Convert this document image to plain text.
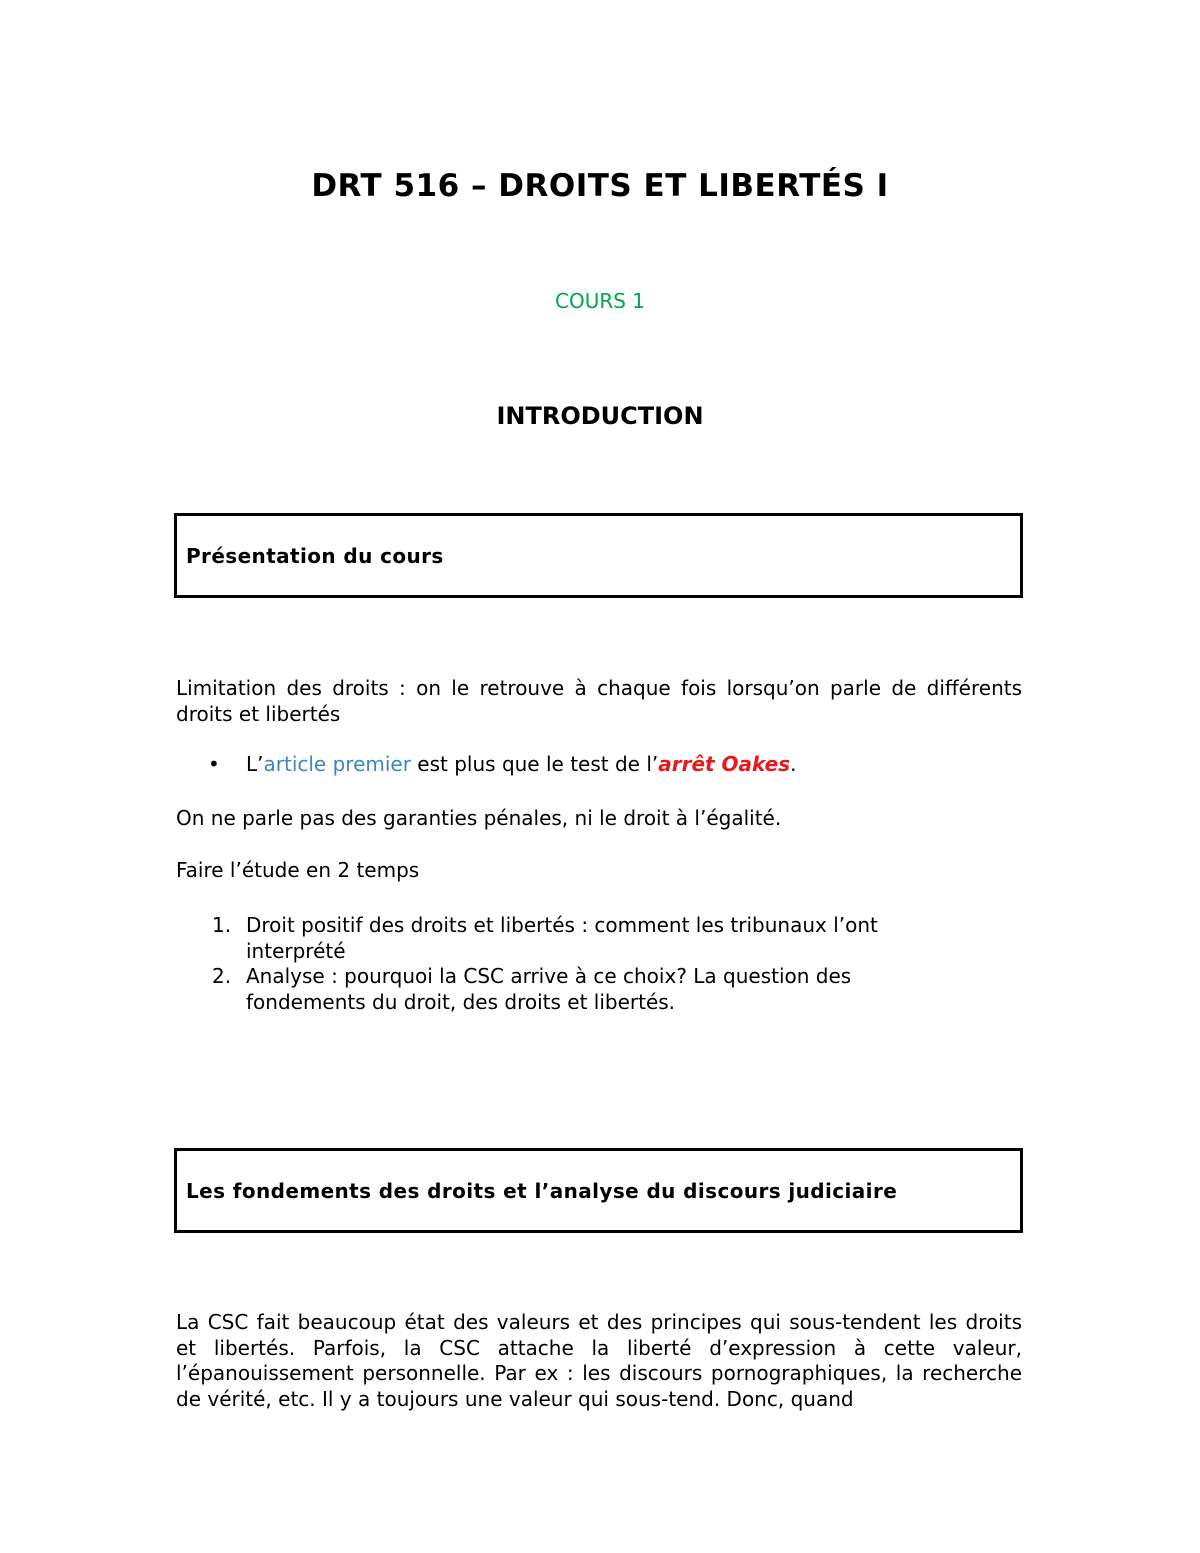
DRT 516 – DROITS ET LIBERTÉS I
COURS 1
INTRODUCTION
Présentation du cours
Limitation des droits : on le retrouve à chaque fois lorsqu’on parle de différents droits et libertés
• L’article premier est plus que le test de l’arrêt Oakes.
On ne parle pas des garanties pénales, ni le droit à l’égalité.
Faire l’étude en 2 temps

1. Droit positif des droits et libertés : comment les tribunaux l’ont interprété

2. Analyse : pourquoi la CSC arrive à ce choix? La question des fondements du droit, des droits et libertés.

Les fondements des droits et l’analyse du discours judiciaire
La CSC fait beaucoup état des valeurs et des principes qui sous-tendent les droits et libertés. Parfois, la CSC attache la liberté d’expression à cette valeur, l’épanouissement personnelle. Par ex : les discours pornographiques, la recherche de vérité, etc. Il y a toujours une valeur qui sous-tend. Donc, quand
